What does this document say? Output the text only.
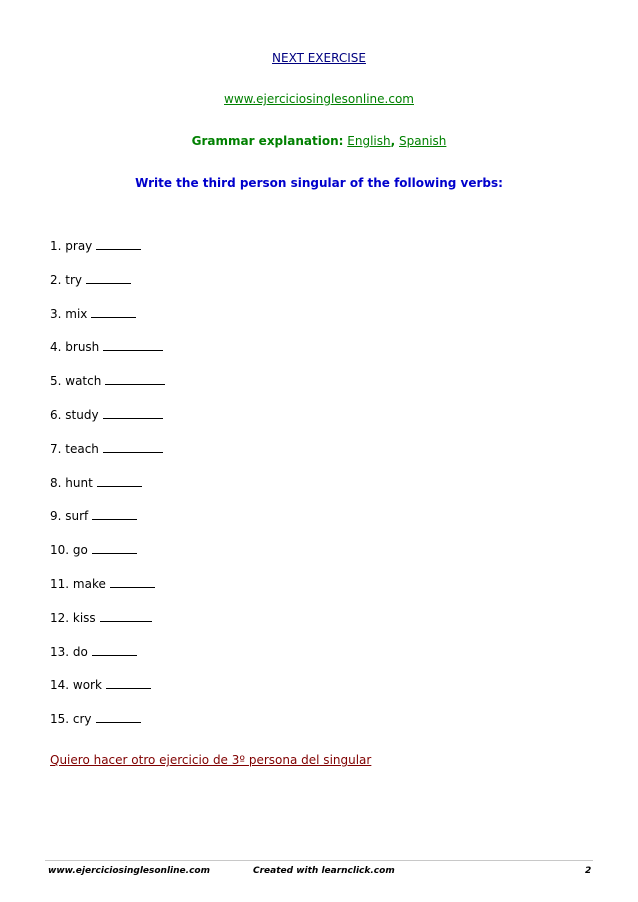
NEXT EXERCISE
www.ejerciciosinglesonline.com
Grammar explanation: English, Spanish
Write the third person singular of the following verbs:
1. pray
2. try
3. mix
4. brush
5. watch
6. study
7. teach
8. hunt
9. surf
10. go
11. make
12. kiss
13. do
14. work
15. cry
Quiero hacer otro ejercicio de 3º persona del singular
www.ejerciciosinglesonline.com	Created with learnclick.com	2
